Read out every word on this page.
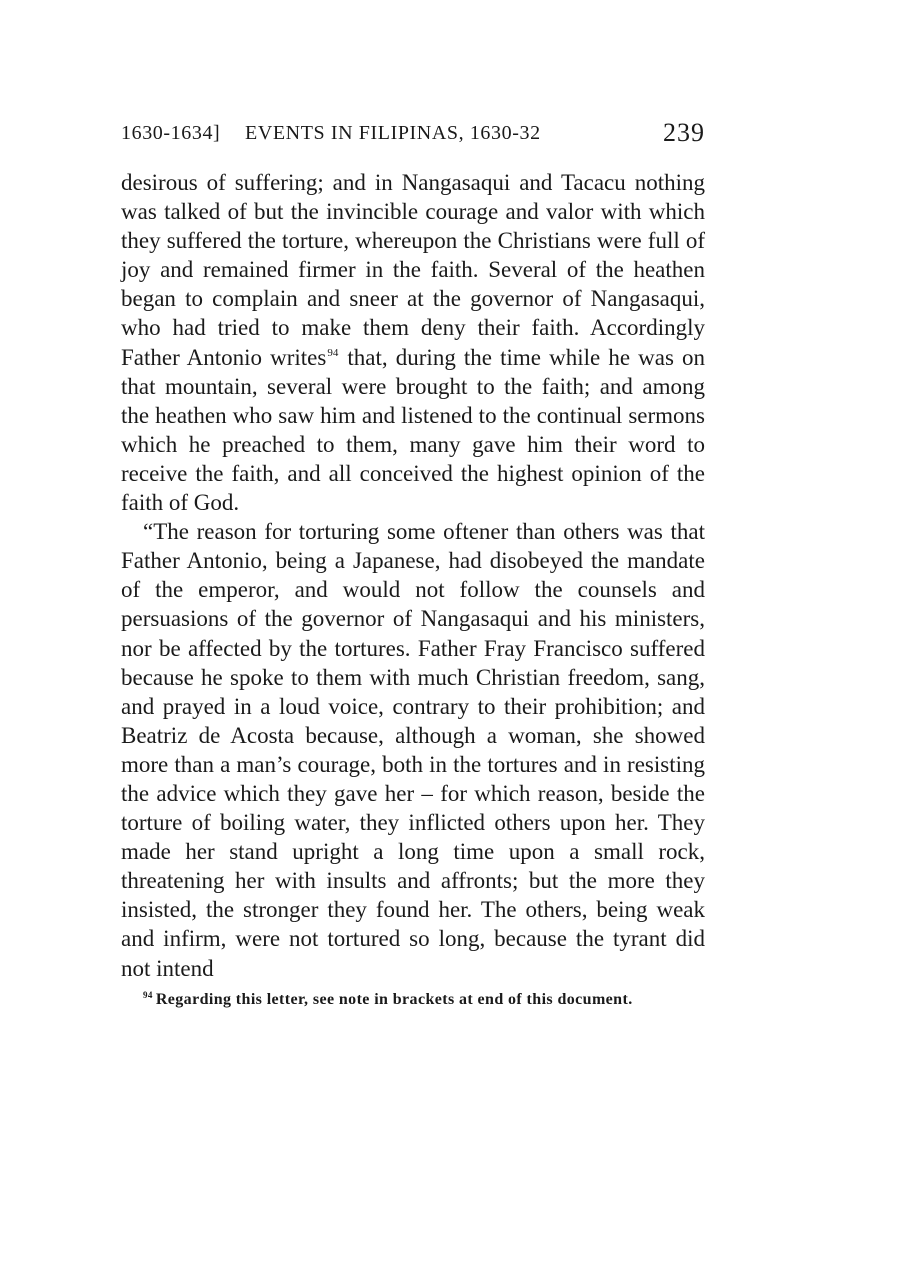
1630-1634] EVENTS IN FILIPINAS, 1630-32	239

desirous of suffering; and in Nangasaqui and Tacacu nothing was talked of but the invincible courage and valor with which they suffered the torture, whereupon the Christians were full of joy and remained firmer in the faith. Several of the heathen began to complain and sneer at the governor of Nangasaqui, who had tried to make them deny their faith. Accordingly Father Antonio writes$^{94}$ that, during the time while he was on that mountain, several were brought to the faith; and among the heathen who saw him and listened to the continual sermons which he preached to them, many gave him their word to receive the faith, and all conceived the highest opinion of the faith of God.

“The reason for torturing some oftener than others was that Father Antonio, being a Japanese, had disobeyed the mandate of the emperor, and would not follow the counsels and persuasions of the governor of Nangasaqui and his ministers, nor be affected by the tortures. Father Fray Francisco suffered because he spoke to them with much Christian freedom, sang, and prayed in a loud voice, contrary to their prohibition; and Beatriz de Acosta because, although a woman, she showed more than a man’s courage, both in the tortures and in resisting the advice which they gave her – for which reason, beside the torture of boiling water, they inflicted others upon her. They made her stand upright a long time upon a small rock, threatening her with insults and affronts; but the more they insisted, the stronger they found her. The others, being weak and infirm, were not tortured so long, because the tyrant did not intend

$^{94}$ Regarding this letter, see note in brackets at end of this document.
